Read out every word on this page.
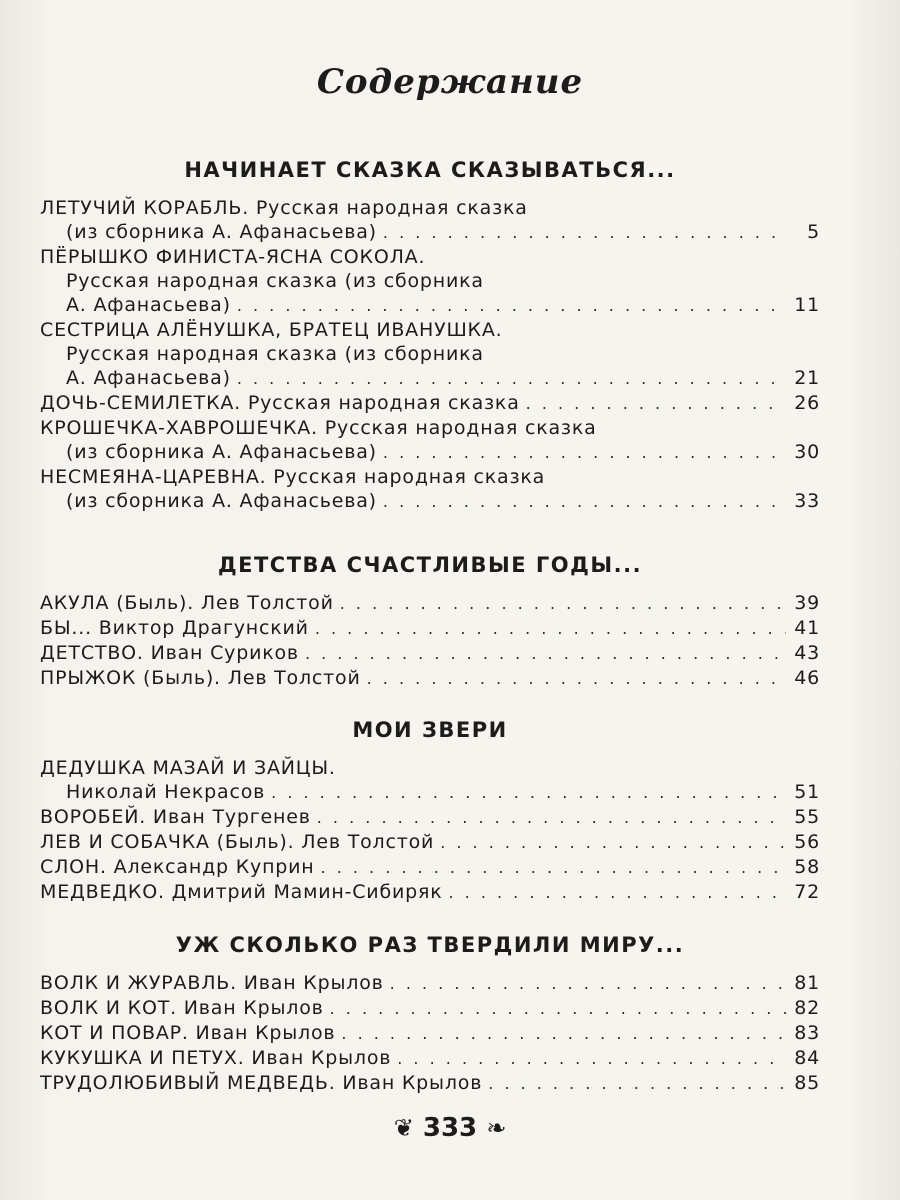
Содержание
НАЧИНАЕТ СКАЗКА СКАЗЫВАТЬСЯ...
ЛЕТУЧИЙ КОРАБЛЬ. Русская народная сказка
(из сборника А. Афанасьева) . . .	5
ПЁРЫШКО ФИНИСТА-ЯСНА СОКОЛА.
Русская народная сказка (из сборника
А. Афанасьева) . . .	11
СЕСТРИЦА АЛЁНУШКА, БРАТЕЦ ИВАНУШКА.
Русская народная сказка (из сборника
А. Афанасьева) . . .	21
ДОЧЬ-СЕМИЛЕТКА. Русская народная сказка . . .	26
КРОШЕЧКА-ХАВРОШЕЧКА. Русская народная сказка
(из сборника А. Афанасьева) . . .	30
НЕСМЕЯНА-ЦАРЕВНА. Русская народная сказка
(из сборника А. Афанасьева) . . .	33
ДЕТСТВА СЧАСТЛИВЫЕ ГОДЫ...
АКУЛА (Быль). Лев Толстой . . .	39
БЫ... Виктор Драгунский . . .	41
ДЕТСТВО. Иван Суриков . . .	43
ПРЫЖОК (Быль). Лев Толстой . . .	46
МОИ ЗВЕРИ
ДЕДУШКА МАЗАЙ И ЗАЙЦЫ.
Николай Некрасов . . .	51
ВОРОБЕЙ. Иван Тургенев . . .	55
ЛЕВ И СОБАЧКА (Быль). Лев Толстой . . .	56
СЛОН. Александр Куприн . . .	58
МЕДВЕДКО. Дмитрий Мамин-Сибиряк . . .	72
УЖ СКОЛЬКО РАЗ ТВЕРДИЛИ МИРУ...
ВОЛК И ЖУРАВЛЬ. Иван Крылов . . .	81
ВОЛК И КОТ. Иван Крылов . . .	82
КОТ И ПОВАР. Иван Крылов . . .	83
КУКУШКА И ПЕТУХ. Иван Крылов . . .	84
ТРУДОЛЮБИВЫЙ МЕДВЕДЬ. Иван Крылов . . .	85
❦ 333 ❧
